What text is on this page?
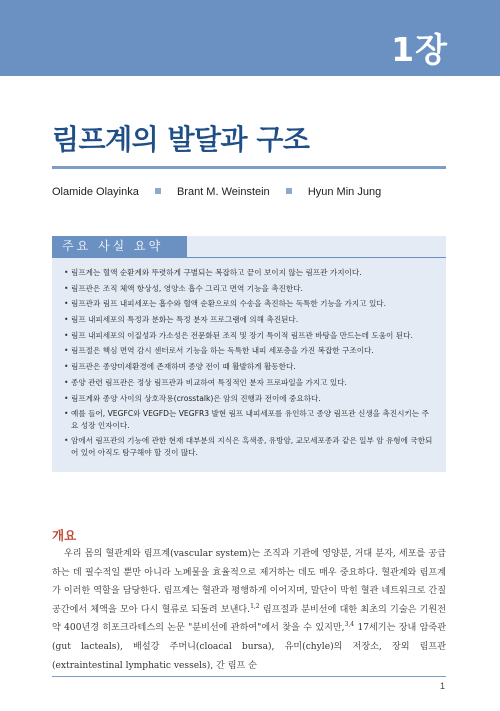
1장
림프계의 발달과 구조
Olamide Olayinka	Brant M. Weinstein	Hyun Min Jung
주요 사실 요약
• 림프계는 혈액 순환계와 뚜렷하게 구별되는 복잡하고 끝이 보이지 않는 림프관 가지이다.
• 림프관은 조직 체액 항상성, 영양소 흡수 그리고 면역 기능을 촉진한다.
• 림프관과 림프 내피세포는 흡수와 혈액 순환으로의 수송을 촉진하는 독특한 기능을 가지고 있다.
• 림프 내피세포의 특정과 분화는 특정 분자 프로그램에 의해 촉진된다.
• 림프 내피세포의 이질성과 가소성은 전문화된 조직 및 장기 특이적 림프관 바탕을 만드는데 도움이 된다.
• 림프절은 핵심 면역 감시 센터로서 기능을 하는 독특한 내피 세포층을 가진 복잡한 구조이다.
• 림프관은 종양미세환경에 존재하며 종양 전이 때 활발하게 활동한다.
• 종양 관련 림프관은 정상 림프관과 비교하여 특징적인 분자 프로파일을 가지고 있다.
• 림프계와 종양 사이의 상호작용(crosstalk)은 암의 진행과 전이에 중요하다.
• 예를 들어, VEGFC와 VEGFD는 VEGFR3 발현 림프 내피세포를 유인하고 종양 림프관 신생을 촉진시키는 주요 성장 인자이다.
• 암에서 림프관의 기능에 관한 현재 대부분의 지식은 흑색종, 유방암, 교모세포종과 같은 일부 암 유형에 국한되어 있어 아직도 탐구해야 할 것이 많다.
개요

우리 몸의 혈관계와 림프계(vascular system)는 조직과 기관에 영양분, 거대 분자, 세포를 공급하는 데 필수적일 뿐만 아니라 노폐물을 효율적으로 제거하는 데도 매우 중요하다. 혈관계와 림프계가 이러한 역할을 담당한다. 림프계는 혈관과 평행하게 이어지며, 말단이 막힌 혈관 네트워크로 간질 공간에서 체액을 모아 다시 혈류로 되돌려 보낸다.$^{1,2}$ 림프절과 분비선에 대한 최초의 기술은 기원전 약 400년경 히포크라테스의 논문 "분비선에 관하여"에서 찾을 수 있지만,$^{3,4}$ 17세기는 장내 암죽관(gut lacteals), 배설강 주머니(cloacal bursa), 유미(chyle)의 저장소, 장외 림프관(extraintestinal lymphatic vessels), 간 림프 순

1
